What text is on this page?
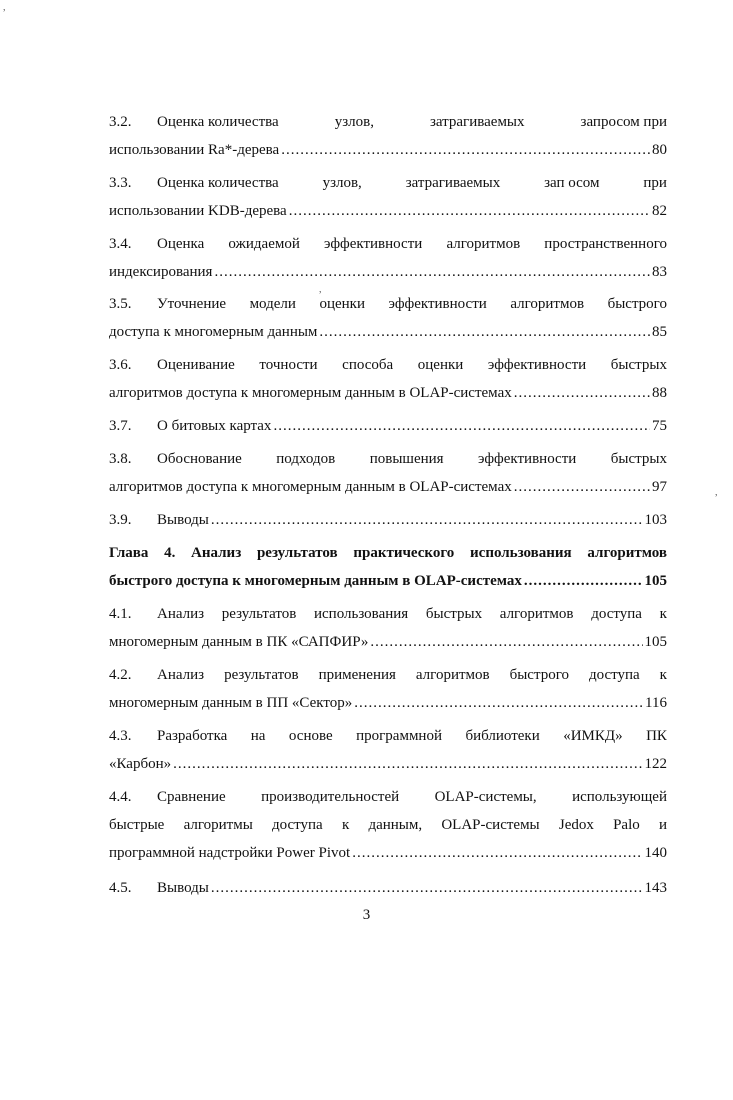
,
,
,
3.2.	Оценка количества	узлов,	затрагиваемых	запросом при
использовании Ra*-дерева .....	80
3.3.	Оценка количества	узлов,	затрагиваемых	зап осом	при
использовании KDB-дерева .....	82
3.4.	Оценка ожидаемой эффективности алгоритмов пространственного
индексирования .....	83
3.5.	Уточнение модели оценки эффективности алгоритмов быстрого
доступа к многомерным данным .....	85
3.6.	Оценивание точности способа оценки эффективности быстрых
алгоритмов доступа к многомерным данным в OLAP-системах .....	88
3.7.	О битовых картах .....	75
3.8.	Обоснование подходов повышения эффективности быстрых
алгоритмов доступа к многомерным данным в OLAP-системах .....	97
3.9.	Выводы .....	103
Глава 4. Анализ результатов практического использования алгоритмов
быстрого доступа к многомерным данным в OLAP-системах .....	105
4.1.	Анализ результатов использования быстрых алгоритмов доступа к
многомерным данным в ПК «САПФИР» .....	105
4.2.	Анализ результатов применения алгоритмов быстрого доступа к
многомерным данным в ПП «Сектор» .....	116
4.3.	Разработка на основе программной библиотеки «ИМКД» ПК
«Карбон» .....	122
4.4.	Сравнение производительностей OLAP-системы, использующей
быстрые алгоритмы доступа к данным, OLAP-системы Jedox Palo и
программной надстройки Power Pivot .....	140
4.5.	Выводы .....	143
3
